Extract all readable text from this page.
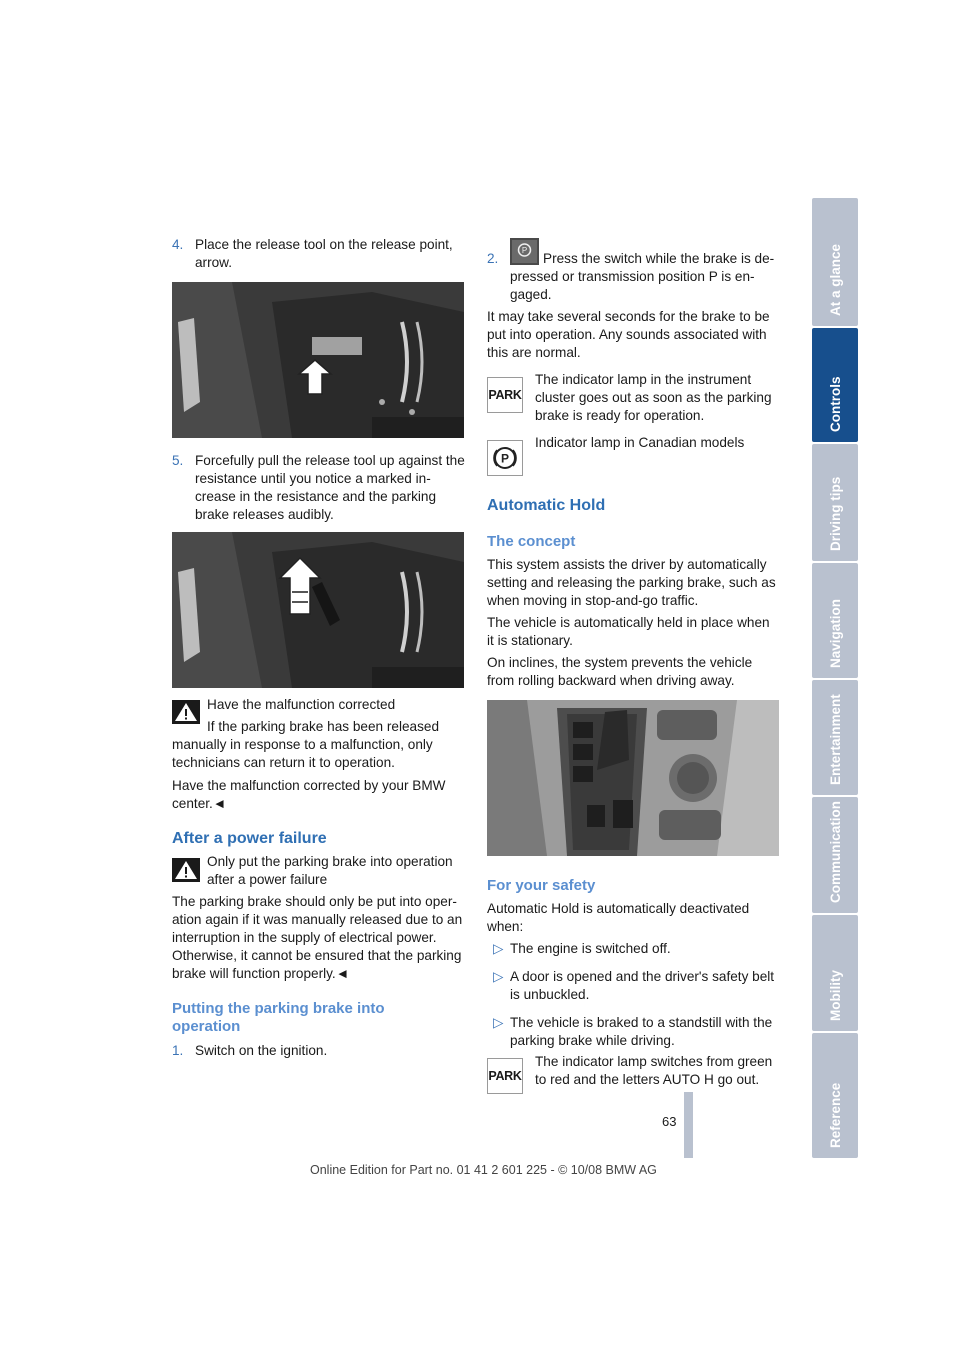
4. Place the release tool on the release point,
arrow.
5. Forcefully pull the release tool up against the
resistance until you notice a marked in-
crease in the resistance and the parking
brake releases audibly.
Have the malfunction corrected
If the parking brake has been released
manually in response to a malfunction, only
technicians can return it to operation.
Have the malfunction corrected by your BMW
center.◄
After a power failure
Only put the parking brake into operation
after a power failure
The parking brake should only be put into oper-
ation again if it was manually released due to an
interruption in the supply of electrical power.
Otherwise, it cannot be ensured that the parking
brake will function properly.◄
Putting the parking brake into
operation
1. Switch on the ignition.
2.
P
Press the switch while the brake is de-
pressed or transmission position P is en-
gaged.
It may take several seconds for the brake to be
put into operation. Any sounds associated with
this are normal.
PARK
The indicator lamp in the instrument
cluster goes out as soon as the parking
brake is ready for operation.
P
Indicator lamp in Canadian models
Automatic Hold
The concept
This system assists the driver by automatically
setting and releasing the parking brake, such as
when moving in stop-and-go traffic.
The vehicle is automatically held in place when
it is stationary.
On inclines, the system prevents the vehicle
from rolling backward when driving away.
For your safety
Automatic Hold is automatically deactivated
when:
▷ The engine is switched off.
▷ A door is opened and the driver's safety belt
is unbuckled.
▷ The vehicle is braked to a standstill with the
parking brake while driving.
PARK
The indicator lamp switches from green
to red and the letters AUTO H go out.
63
Online Edition for Part no. 01 41 2 601 225 - © 10/08 BMW AG
At a glance
Controls
Driving tips
Navigation
Entertainment
Communication
Mobility
Reference
